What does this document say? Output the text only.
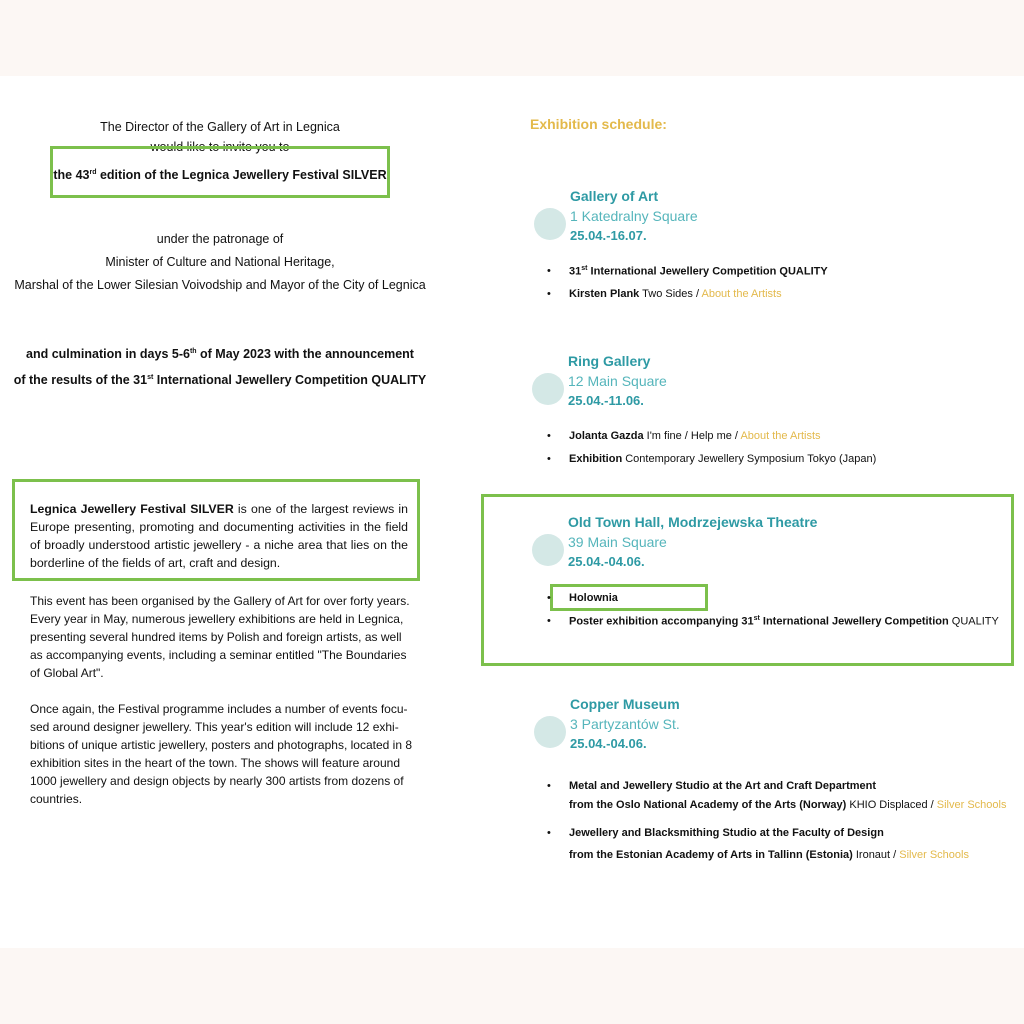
The Director of the Gallery of Art in Legnica
would like to invite you to
the 43rd edition of the Legnica Jewellery Festival SILVER
under the patronage of
Minister of Culture and National Heritage,
Marshal of the Lower Silesian Voivodship and Mayor of the City of Legnica
and culmination in days 5-6th of May 2023 with the announcement
of the results of the 31st International Jewellery Competition QUALITY
Legnica Jewellery Festival SILVER is one of the largest reviews in Europe presenting, promoting and documenting activities in the field of broadly understood artistic jewellery - a niche area that lies on the borderline of the fields of art, craft and design.
This event has been organised by the Gallery of Art for over forty years. Every year in May, numerous jewellery exhibitions are held in Legnica, presenting several hundred items by Polish and foreign artists, as well as accompanying events, including a seminar entitled "The Boundaries of Global Art".
Once again, the Festival programme includes a number of events focu-sed around designer jewellery. This year's edition will include 12 exhi-bitions of unique artistic jewellery, posters and photographs, located in 8 exhibition sites in the heart of the town. The shows will feature around 1000 jewellery and design objects by nearly 300 artists from dozens of countries.
Exhibition schedule:
Gallery of Art
1 Katedralny Square
25.04.-16.07.
• 31st International Jewellery Competition QUALITY
• Kirsten Plank Two Sides / About the Artists
Ring Gallery
12 Main Square
25.04.-11.06.
• Jolanta Gazda I'm fine / Help me / About the Artists
• Exhibition Contemporary Jewellery Symposium Tokyo (Japan)
Old Town Hall, Modrzejewska Theatre
39 Main Square
25.04.-04.06.
• Holownia
• Poster exhibition accompanying 31st International Jewellery Competition QUALITY
Copper Museum
3 Partyzantów St.
25.04.-04.06.
• Metal and Jewellery Studio at the Art and Craft Department
from the Oslo National Academy of the Arts (Norway) KHIO Displaced / Silver Schools
• Jewellery and Blacksmithing Studio at the Faculty of Design
from the Estonian Academy of Arts in Tallinn (Estonia) Ironaut / Silver Schools
